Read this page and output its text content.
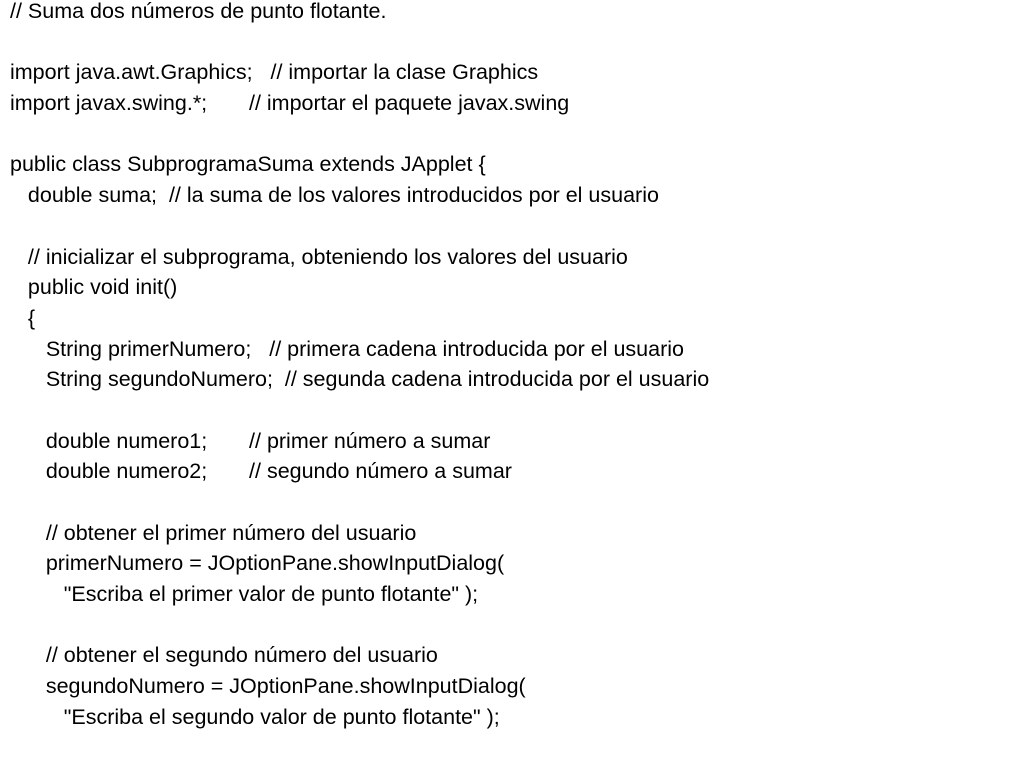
// Suma dos números de punto flotante.
import java.awt.Graphics;   // importar la clase Graphics
import javax.swing.*;       // importar el paquete javax.swing
public class SubprogramaSuma extends JApplet {
double suma;  // la suma de los valores introducidos por el usuario
// inicializar el subprograma, obteniendo los valores del usuario
public void init()
{
String primerNumero;   // primera cadena introducida por el usuario
String segundoNumero;  // segunda cadena introducida por el usuario
double numero1;       // primer número a sumar
double numero2;       // segundo número a sumar
// obtener el primer número del usuario
primerNumero = JOptionPane.showInputDialog(
"Escriba el primer valor de punto flotante" );
// obtener el segundo número del usuario
segundoNumero = JOptionPane.showInputDialog(
"Escriba el segundo valor de punto flotante" );
